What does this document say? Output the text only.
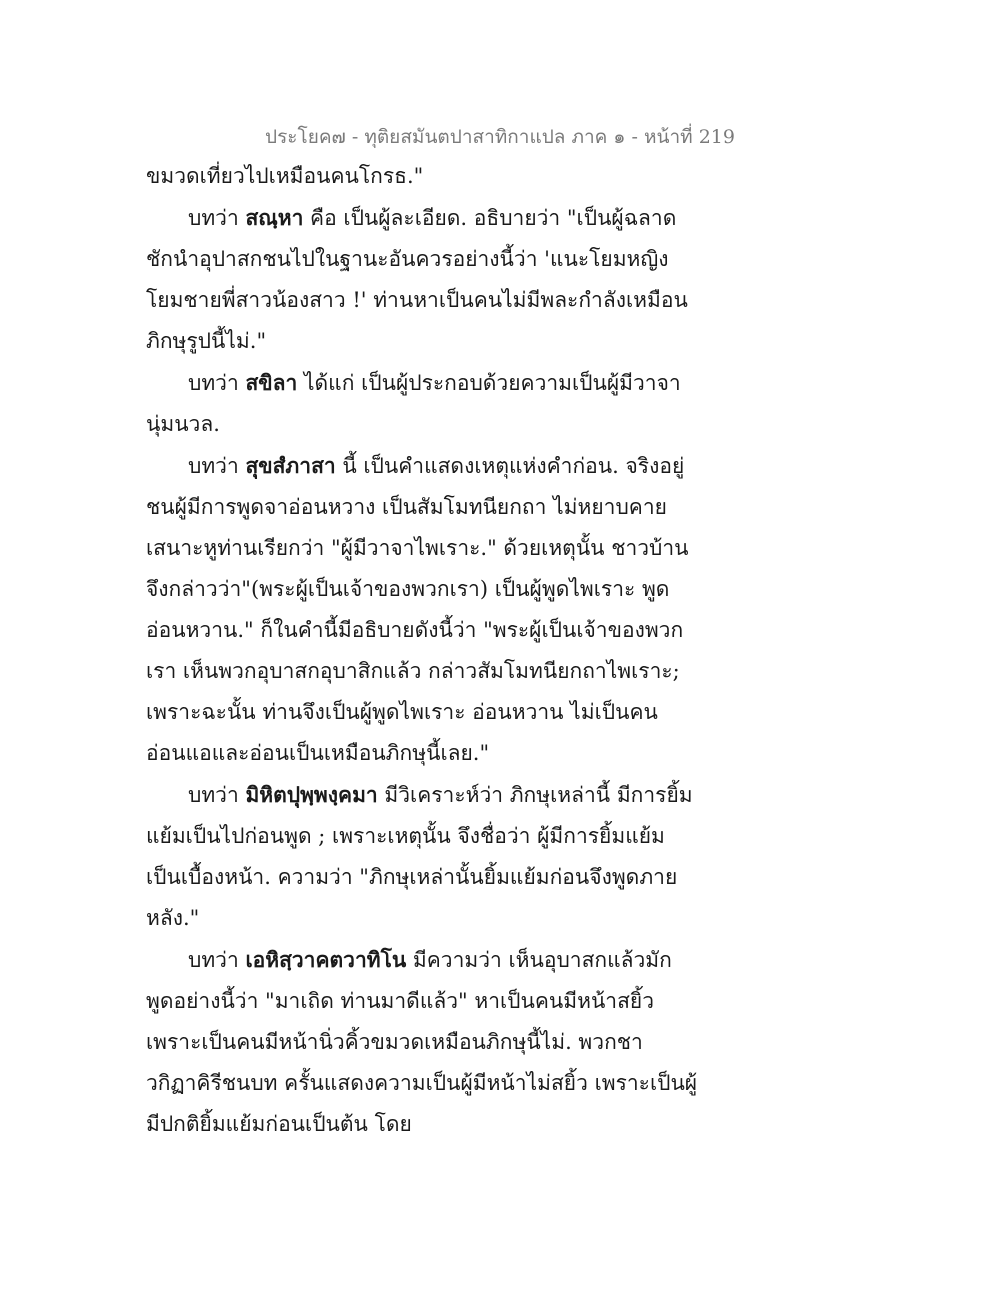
ประโยค๗ - ทุติยสมันตปาสาทิกาแปล ภาค ๑ - หน้าที่ 219

ขมวดเที่ยวไปเหมือนคนโกรธ."

บทว่า สณฺหา คือ เป็นผู้ละเอียด. อธิบายว่า "เป็นผู้ฉลาดชักนำอุปาสกชนไปในฐานะอันควรอย่างนี้ว่า 'แนะโยมหญิง โยมชายพี่สาวน้องสาว !' ท่านหาเป็นคนไม่มีพละกำลังเหมือนภิกษุรูปนี้ไม่."

บทว่า สขิลา ได้แก่ เป็นผู้ประกอบด้วยความเป็นผู้มีวาจานุ่มนวล.

บทว่า สุขสํภาสา นี้ เป็นคำแสดงเหตุแห่งคำก่อน. จริงอยู่ ชนผู้มีการพูดจาอ่อนหวาง เป็นสัมโมทนียกถา ไม่หยาบคาย เสนาะหูท่านเรียกว่า "ผู้มีวาจาไพเราะ." ด้วยเหตุนั้น ชาวบ้านจึงกล่าวว่า"(พระผู้เป็นเจ้าของพวกเรา) เป็นผู้พูดไพเราะ พูดอ่อนหวาน." ก็ในคำนี้มีอธิบายดังนี้ว่า "พระผู้เป็นเจ้าของพวกเรา เห็นพวกอุบาสกอุบาสิกแล้ว กล่าวสัมโมทนียกถาไพเราะ; เพราะฉะนั้น ท่านจึงเป็นผู้พูดไพเราะ อ่อนหวาน ไม่เป็นคนอ่อนแอและอ่อนเป็นเหมือนภิกษุนี้เลย."

บทว่า มิหิตปุพฺพงฺคมา มีวิเคราะห์ว่า ภิกษุเหล่านี้ มีการยิ้มแย้มเป็นไปก่อนพูด ; เพราะเหตุนั้น จึงชื่อว่า ผู้มีการยิ้มแย้มเป็นเบื้องหน้า. ความว่า "ภิกษุเหล่านั้นยิ้มแย้มก่อนจึงพูดภายหลัง."

บทว่า เอหิสฺวาคตวาทิโน มีความว่า เห็นอุบาสกแล้วมักพูดอย่างนี้ว่า "มาเถิด ท่านมาดีแล้ว" หาเป็นคนมีหน้าสยิ้ว เพราะเป็นคนมีหน้านิ่วคิ้วขมวดเหมือนภิกษุนี้ไม่. พวกชาวกิฏาคิรีชนบท ครั้นแสดงความเป็นผู้มีหน้าไม่สยิ้ว เพราะเป็นผู้มีปกติยิ้มแย้มก่อนเป็นต้น โดย
